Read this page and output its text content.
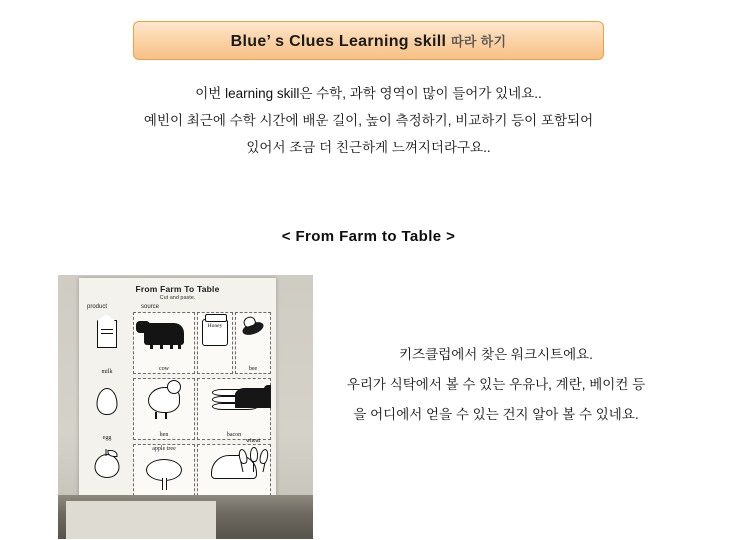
Blue’ s Clues Learning skill 따라 하기
이번 learning skill은 수학, 과학 영역이 많이 들어가 있네요..
예빈이 최근에 수학 시간에 배운 길이, 높이 측정하기, 비교하기 등이 포함되어
있어서 조금 더 친근하게 느껴지더라구요..
< From Farm to Table >
From Farm To Table
Cut and paste.
product	source
milk	cow
Honey
bee
egg	hen	bacon
apple tree
wheat
키즈클럽에서 찾은 워크시트에요.
우리가 식탁에서 볼 수 있는 우유나, 계란, 베이컨 등
을 어디에서 얻을 수 있는 건지 알아 볼 수 있네요.
